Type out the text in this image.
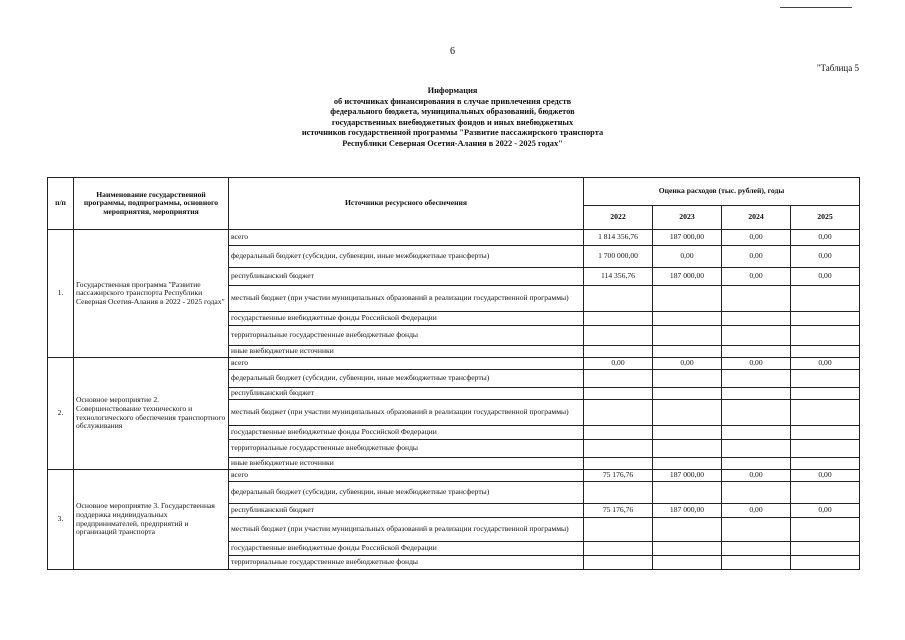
6
"Таблица 5
Информация
об источниках финансирования в случае привлечения средств
федерального бюджета, муниципальных образований, бюджетов
государственных внебюджетных фондов и иных внебюджетных
источников государственной программы "Развитие пассажирского транспорта
Республики Северная Осетия-Алания в 2022 - 2025 годах"
п/п	Наименование государственной программы, подпрограммы, основного мероприятия, мероприятия	Источники ресурсного обеспечения	Оценка расходов (тыс. рублей), годы			
			2022	2023	2024	2025
1.	Государственная программа "Развитие пассажирского транспорта Республики Северная Осетия-Алания в 2022 - 2025 годах"	всего	1 814 356,76	187 000,00	0,00	0,00
		федеральный бюджет (субсидии, субвенции, иные межбюджетные трансферты)	1 700 000,00	0,00	0,00	0,00
		республиканский бюджет	114 356,76	187 000,00	0,00	0,00
		местный бюджет (при участии муниципальных образований в реализации государственной программы)				
		государственные внебюджетные фонды Российской Федерации				
		территориальные государственные внебюджетные фонды				
		иные внебюджетные источники				
2.	Основное мероприятие 2. Совершенствование технического и технологического обеспечения транспортного обслуживания	всего	0,00	0,00	0,00	0,00
		федеральный бюджет (субсидии, субвенции, иные межбюджетные трансферты)				
		республиканский бюджет				
		местный бюджет (при участии муниципальных образований в реализации государственной программы)				
		государственные внебюджетные фонды Российской Федерации				
		территориальные государственные внебюджетные фонды				
		иные внебюджетные источники				
3.	Основное мероприятие 3. Государственная поддержка индивидуальных предпринимателей, предприятий и организаций транспорта	всего	75 176,76	187 000,00	0,00	0,00
		федеральный бюджет (субсидии, субвенции, иные межбюджетные трансферты)				
		республиканский бюджет	75 176,76	187 000,00	0,00	0,00
		местный бюджет (при участии муниципальных образований в реализации государственной программы)				
		государственные внебюджетные фонды Российской Федерации				
		территориальные государственные внебюджетные фонды				
